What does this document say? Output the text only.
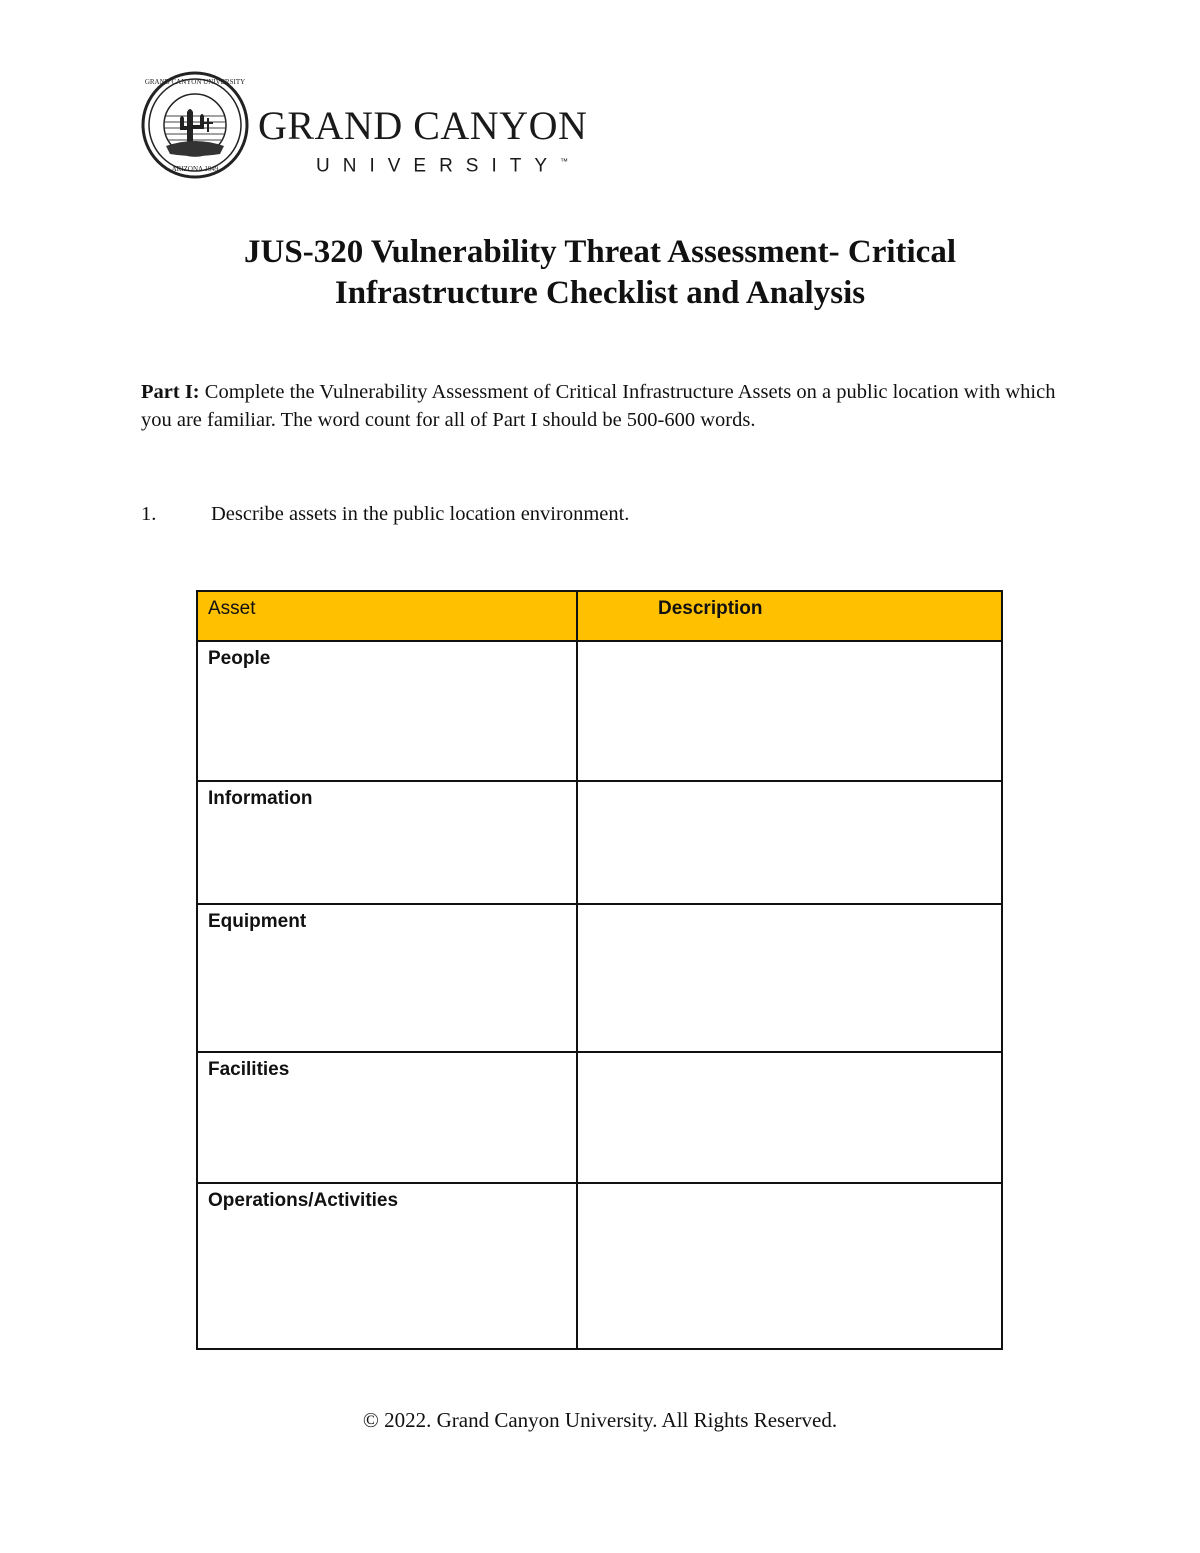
GRAND CANYON UNIVERSITY
ARIZONA 1949
GRAND CANYON
UNIVERSITY™
JUS-320 Vulnerability Threat Assessment- Critical
Infrastructure Checklist and Analysis
Part I: Complete the Vulnerability Assessment of Critical Infrastructure Assets on a public location with which you are familiar. The word count for all of Part I should be 500-600 words.
1.	Describe assets in the public location environment.
Asset	Description
People	
Information	
Equipment	
Facilities	
Operations/Activities	
© 2022. Grand Canyon University. All Rights Reserved.
